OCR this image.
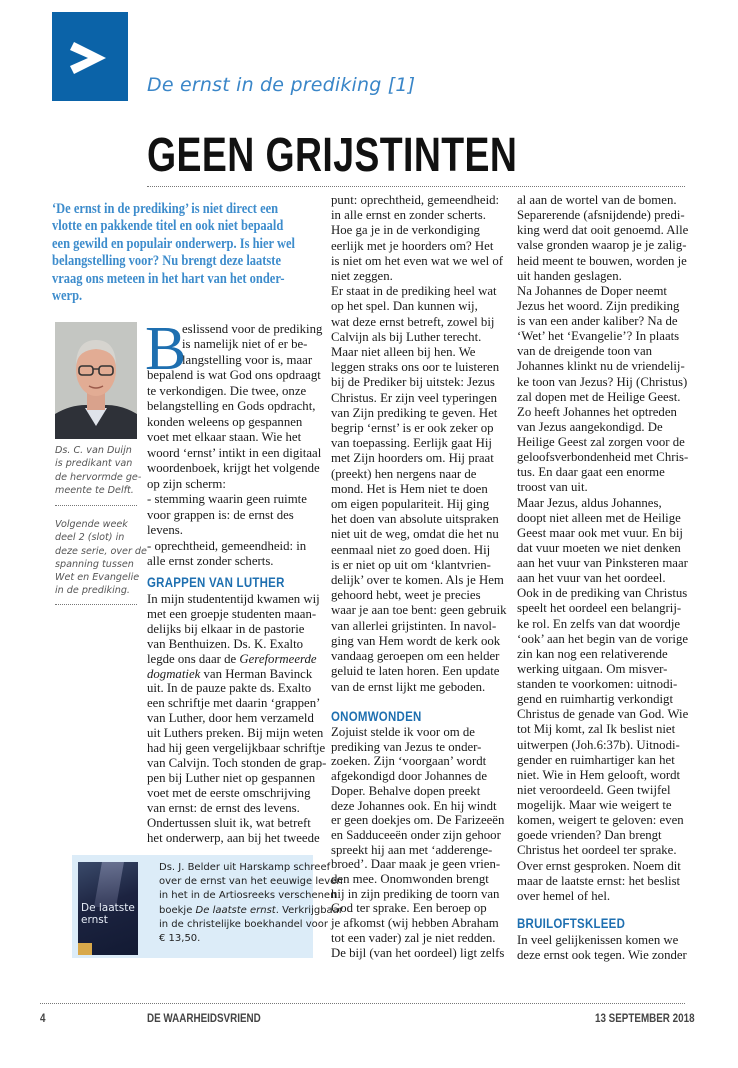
De ernst in de prediking [1]
GEEN GRIJSTINTEN
‘De ernst in de prediking’ is niet direct een
vlotte en pakkende titel en ook niet bepaald
een gewild en populair onderwerp. Is hier wel
belangstelling voor? Nu brengt deze laatste
vraag ons meteen in het hart van het onder-
werp.
Ds. C. van Duijn
is predikant van
de hervormde ge-
meente te Delft.
Volgende week
deel 2 (slot) in
deze serie, over de
spanning tussen
Wet en Evangelie
in de prediking.
B
eslissend voor de prediking
is namelijk niet of er be-
langstelling voor is, maar
bepalend is wat God ons opdraagt
te verkondigen. Die twee, onze
belangstelling en Gods opdracht,
konden weleens op gespannen
voet met elkaar staan. Wie het
woord ‘ernst’ intikt in een digitaal
woordenboek, krijgt het volgende
op zijn scherm:
- stemming waarin geen ruimte
voor grappen is: de ernst des
levens.
- oprechtheid, gemeendheid: in
alle ernst zonder scherts.
GRAPPEN VAN LUTHER
In mijn studententijd kwamen wij
met een groepje studenten maan-
delijks bij elkaar in de pastorie
van Benthuizen. Ds. K. Exalto
legde ons daar de Gereformeerde
dogmatiek van Herman Bavinck
uit. In de pauze pakte ds. Exalto
een schriftje met daarin ‘grappen’
van Luther, door hem verzameld
uit Luthers preken. Bij mijn weten
had hij geen vergelijkbaar schriftje
van Calvijn. Toch stonden de grap-
pen bij Luther niet op gespannen
voet met de eerste omschrijving
van ernst: de ernst des levens.
Ondertussen sluit ik, wat betreft
het onderwerp, aan bij het tweede
De laatste
ernst
Ds. J. Belder uit Harskamp schreef
over de ernst van het eeuwige leven
in het in de Artiosreeks verschenen
boekje De laatste ernst. Verkrijgbaar
in de christelijke boekhandel voor
€ 13,50.
punt: oprechtheid, gemeendheid:
in alle ernst en zonder scherts.
Hoe ga je in de verkondiging
eerlijk met je hoorders om? Het
is niet om het even wat we wel of
niet zeggen.
Er staat in de prediking heel wat
op het spel. Dan kunnen wij,
wat deze ernst betreft, zowel bij
Calvijn als bij Luther terecht.
Maar niet alleen bij hen. We
leggen straks ons oor te luisteren
bij de Prediker bij uitstek: Jezus
Christus. Er zijn veel typeringen
van Zijn prediking te geven. Het
begrip ‘ernst’ is er ook zeker op
van toepassing. Eerlijk gaat Hij
met Zijn hoorders om. Hij praat
(preekt) hen nergens naar de
mond. Het is Hem niet te doen
om eigen populariteit. Hij ging
het doen van absolute uitspraken
niet uit de weg, omdat die het nu
eenmaal niet zo goed doen. Hij
is er niet op uit om ‘klantvrien-
delijk’ over te komen. Als je Hem
gehoord hebt, weet je precies
waar je aan toe bent: geen gebruik
van allerlei grijstinten. In navol-
ging van Hem wordt de kerk ook
vandaag geroepen om een helder
geluid te laten horen. Een update
van de ernst lijkt me geboden.
ONOMWONDEN
Zojuist stelde ik voor om de
prediking van Jezus te onder-
zoeken. Zijn ‘voorgaan’ wordt
afgekondigd door Johannes de
Doper. Behalve dopen preekt
deze Johannes ook. En hij windt
er geen doekjes om. De Farizeeën
en Sadduceeën onder zijn gehoor
spreekt hij aan met ‘adderenge-
broed’. Daar maak je geen vrien-
den mee. Onomwonden brengt
hij in zijn prediking de toorn van
God ter sprake. Een beroep op
je afkomst (wij hebben Abraham
tot een vader) zal je niet redden.
De bijl (van het oordeel) ligt zelfs
al aan de wortel van de bomen.
Separerende (afsnijdende) predi-
king werd dat ooit genoemd. Alle
valse gronden waarop je je zalig-
heid meent te bouwen, worden je
uit handen geslagen.
Na Johannes de Doper neemt
Jezus het woord. Zijn prediking
is van een ander kaliber? Na de
‘Wet’ het ‘Evangelie’? In plaats
van de dreigende toon van
Johannes klinkt nu de vriendelij-
ke toon van Jezus? Hij (Christus)
zal dopen met de Heilige Geest.
Zo heeft Johannes het optreden
van Jezus aangekondigd. De
Heilige Geest zal zorgen voor de
geloofsverbondenheid met Chris-
tus. En daar gaat een enorme
troost van uit.
Maar Jezus, aldus Johannes,
doopt niet alleen met de Heilige
Geest maar ook met vuur. En bij
dat vuur moeten we niet denken
aan het vuur van Pinksteren maar
aan het vuur van het oordeel.
Ook in de prediking van Christus
speelt het oordeel een belangrij-
ke rol. En zelfs van dat woordje
‘ook’ aan het begin van de vorige
zin kan nog een relativerende
werking uitgaan. Om misver-
standen te voorkomen: uitnodi-
gend en ruimhartig verkondigt
Christus de genade van God. Wie
tot Mij komt, zal Ik beslist niet
uitwerpen (Joh.6:37b). Uitnodi-
gender en ruimhartiger kan het
niet. Wie in Hem gelooft, wordt
niet veroordeeld. Geen twijfel
mogelijk. Maar wie weigert te
komen, weigert te geloven: even
goede vrienden? Dan brengt
Christus het oordeel ter sprake.
Over ernst gesproken. Noem dit
maar de laatste ernst: het beslist
over hemel of hel.
BRUILOFTSKLEED
In veel gelijkenissen komen we
deze ernst ook tegen. Wie zonder
4	DE WAARHEIDSVRIEND	13 SEPTEMBER 2018
